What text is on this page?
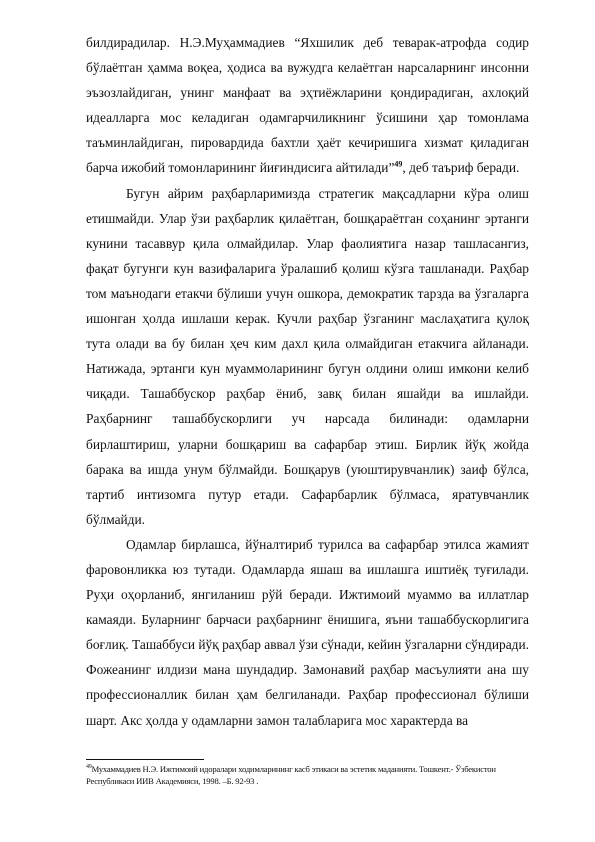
билдирадилар. Н.Э.Муҳаммадиев “Яхшилик деб теварак-атрофда содир бўлаётган ҳамма воқеа, ҳодиса ва вужудга келаётган нарсаларнинг инсонни эъзозлайдиган, унинг манфаат ва эҳтиёжларини қондирадиган, ахлоқий идеалларга мос келадиган одамгарчиликнинг ўсишини ҳар томонлама таъминлайдиган, пировардида бахтли ҳаёт кечиришига хизмат қиладиган барча ижобий томонларининг йиғиндисига айтилади”$^{49}$, деб таъриф беради.

Бугун айрим раҳбарларимизда стратегик мақсадларни кўра олиш етишмайди. Улар ўзи раҳбарлик қилаётган, бошқараётган соҳанинг эртанги кунини тасаввур қила олмайдилар. Улар фаолиятига назар ташласангиз, фақат бугунги кун вазифаларига ўралашиб қолиш кўзга ташланади. Раҳбар том маънодаги етакчи бўлиши учун ошкора, демократик тарзда ва ўзгаларга ишонган ҳолда ишлаши керак. Кучли раҳбар ўзганинг маслаҳатига қулоқ тута олади ва бу билан ҳеч ким дахл қила олмайдиган етакчига айланади. Натижада, эртанги кун муаммоларининг бугун олдини олиш имкони келиб чиқади. Ташаббускор раҳбар ёниб, завқ билан яшайди ва ишлайди. Раҳбарнинг ташаббускорлиги уч нарсада билинади: одамларни бирлаштириш, уларни бошқариш ва сафарбар этиш. Бирлик йўқ жойда барака ва ишда унум бўлмайди. Бошқарув (уюштирувчанлик) заиф бўлса, тартиб интизомга путур етади. Сафарбарлик бўлмаса, яратувчанлик бўлмайди.

Одамлар бирлашса, йўналтириб турилса ва сафарбар этилса жамият фаровонликка юз тутади. Одамларда яшаш ва ишлашга иштиёқ туғилади. Руҳи оҳорланиб, янгиланиш рўй беради. Ижтимоий муаммо ва иллатлар камаяди. Буларнинг барчаси раҳбарнинг ёнишига, яъни ташаббускорлигига боғлиқ. Ташаббуси йўқ раҳбар аввал ўзи сўнади, кейин ўзгаларни сўндиради. Фожеанинг илдизи мана шундадир. Замонавий раҳбар масъулияти ана шу профессионаллик билан ҳам белгиланади. Раҳбар профессионал бўлиши шарт. Акс ҳолда у одамларни замон талабларига мос характерда ва

$^{49}$Мухаммадиев Н.Э. Ижтимоий идоралари ходимларининг касб этикаси ва эстетик маданияти. Тошкент.- Ўзбекистон Республикаси ИИВ Академияси, 1998. –Б. 92-93 .
